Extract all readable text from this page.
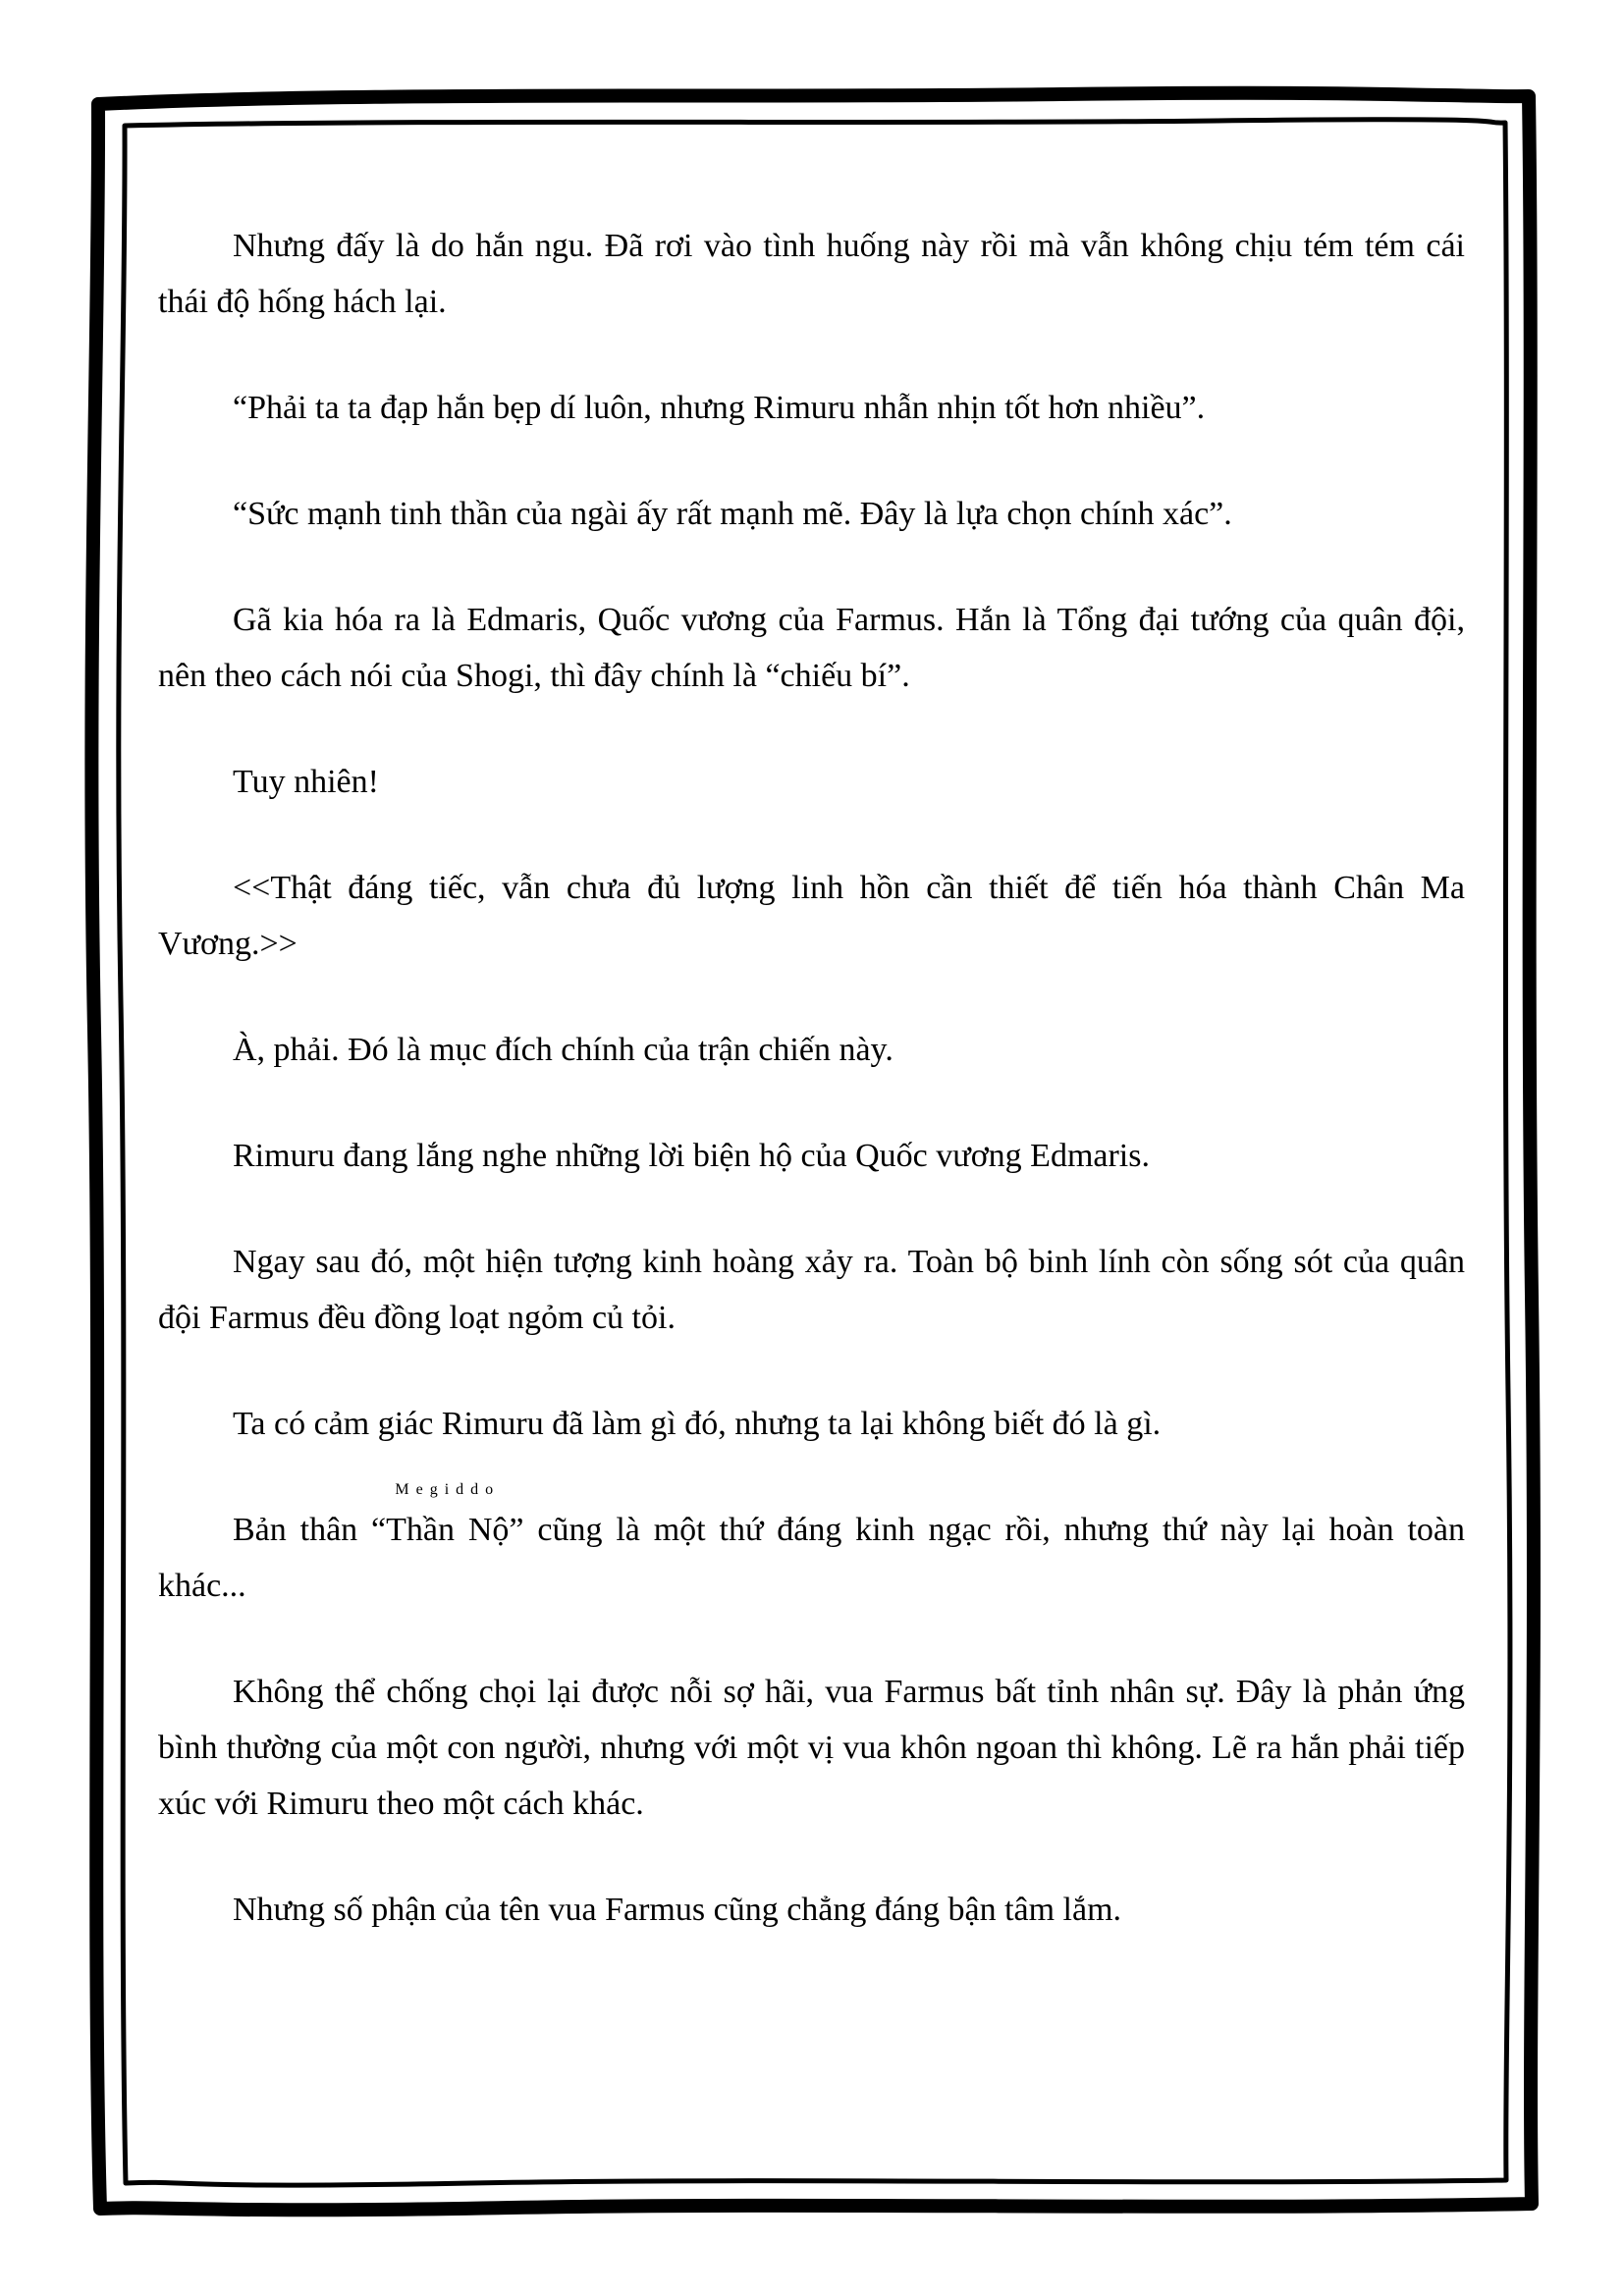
Nhưng đấy là do hắn ngu. Đã rơi vào tình huống này rồi mà vẫn không chịu tém tém cái thái độ hống hách lại.

“Phải ta ta đạp hắn bẹp dí luôn, nhưng Rimuru nhẫn nhịn tốt hơn nhiều”.

“Sức mạnh tinh thần của ngài ấy rất mạnh mẽ. Đây là lựa chọn chính xác”.

Gã kia hóa ra là Edmaris, Quốc vương của Farmus. Hắn là Tổng đại tướng của quân đội, nên theo cách nói của Shogi, thì đây chính là “chiếu bí”.

Tuy nhiên!

<<Thật đáng tiếc, vẫn chưa đủ lượng linh hồn cần thiết để tiến hóa thành Chân Ma Vương.>>

À, phải. Đó là mục đích chính của trận chiến này.

Rimuru đang lắng nghe những lời biện hộ của Quốc vương Edmaris.

Ngay sau đó, một hiện tượng kinh hoàng xảy ra. Toàn bộ binh lính còn sống sót của quân đội Farmus đều đồng loạt ngỏm củ tỏi.

Ta có cảm giác Rimuru đã làm gì đó, nhưng ta lại không biết đó là gì.

Bản thân
Megiddo
“Thần Nộ” cũng là một thứ đáng kinh ngạc rồi, nhưng thứ này lại hoàn toàn khác...

Không thể chống chọi lại được nỗi sợ hãi, vua Farmus bất tỉnh nhân sự. Đây là phản ứng bình thường của một con người, nhưng với một vị vua khôn ngoan thì không. Lẽ ra hắn phải tiếp xúc với Rimuru theo một cách khác.

Nhưng số phận của tên vua Farmus cũng chẳng đáng bận tâm lắm.
